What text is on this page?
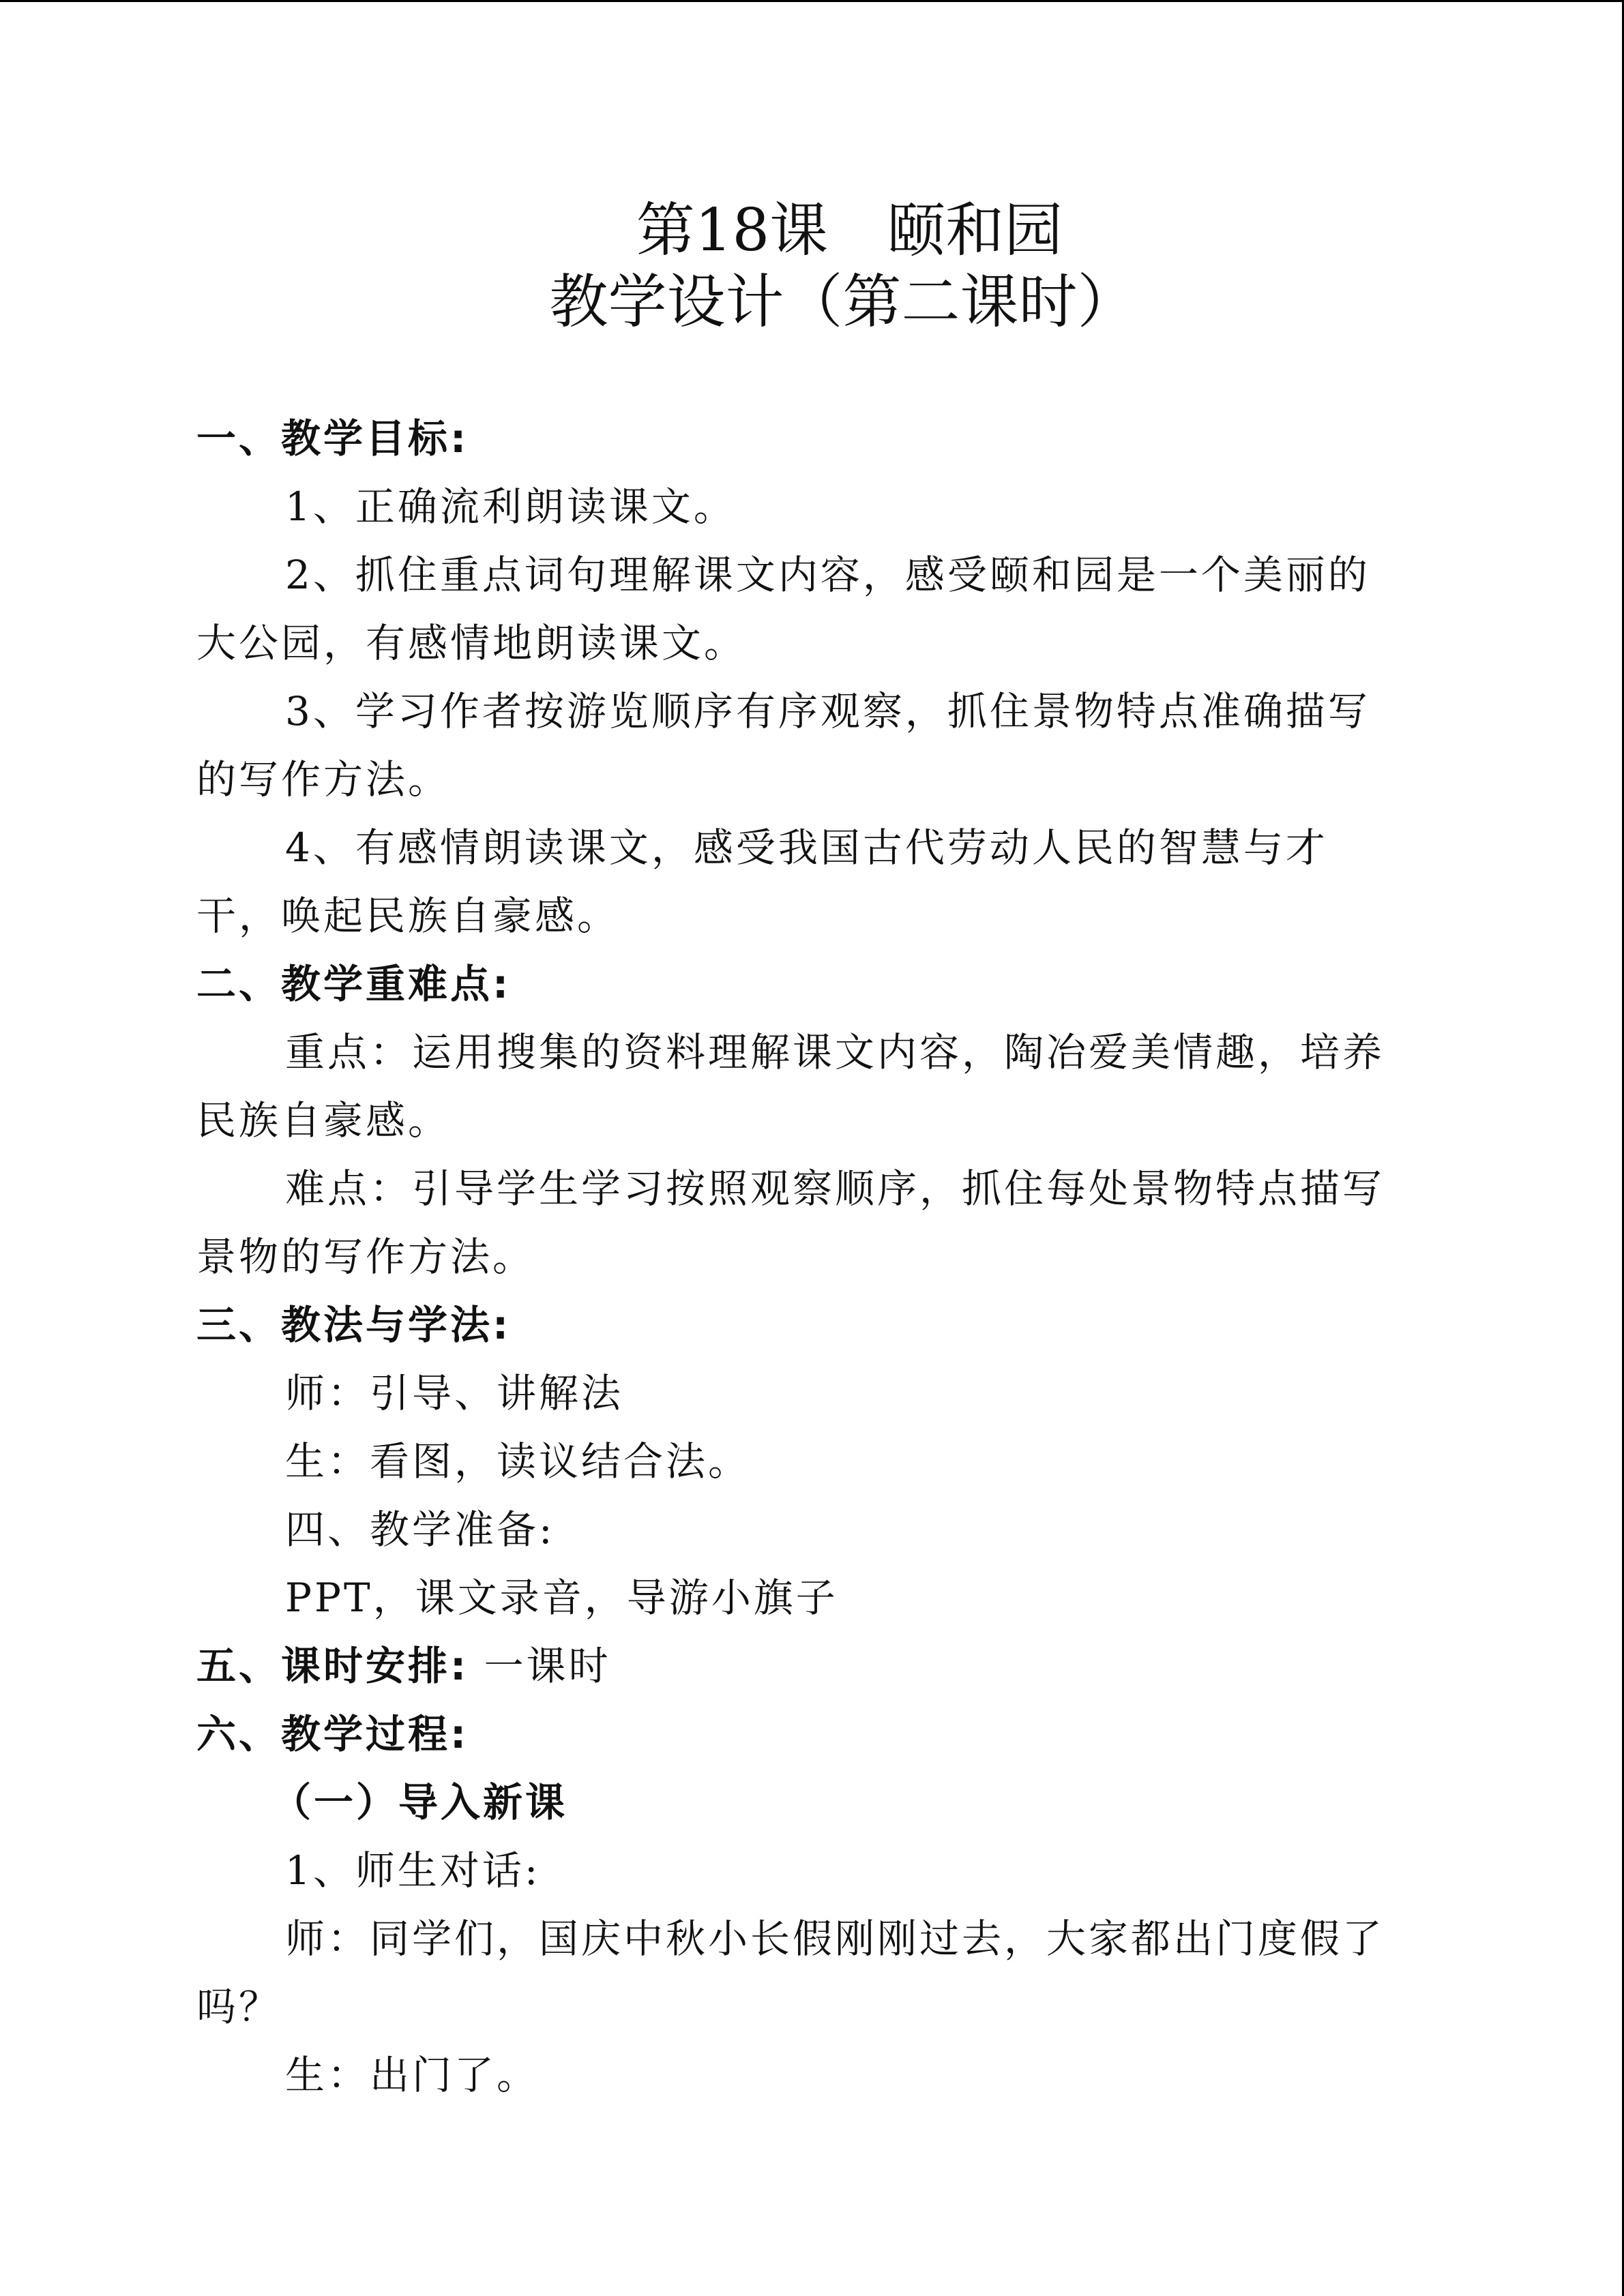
第18课 颐和园
教学设计（第二课时）
一、教学目标:
1、正确流利朗读课文。
2、抓住重点词句理解课文内容，感受颐和园是一个美丽的
大公园，有感情地朗读课文。
3、学习作者按游览顺序有序观察，抓住景物特点准确描写
的写作方法。
4、有感情朗读课文，感受我国古代劳动人民的智慧与才
干，唤起民族自豪感。
二、教学重难点:
重点：运用搜集的资料理解课文内容，陶冶爱美情趣，培养
民族自豪感。
难点：引导学生学习按照观察顺序，抓住每处景物特点描写
景物的写作方法。
三、教法与学法:
师：引导、讲解法
生：看图，读议结合法。
四、教学准备:
PPT，课文录音，导游小旗子
五、课时安排: 一课时
六、教学过程:
（一）导入新课
1、师生对话:
师：同学们，国庆中秋小长假刚刚过去，大家都出门度假了
吗？
生：出门了。
